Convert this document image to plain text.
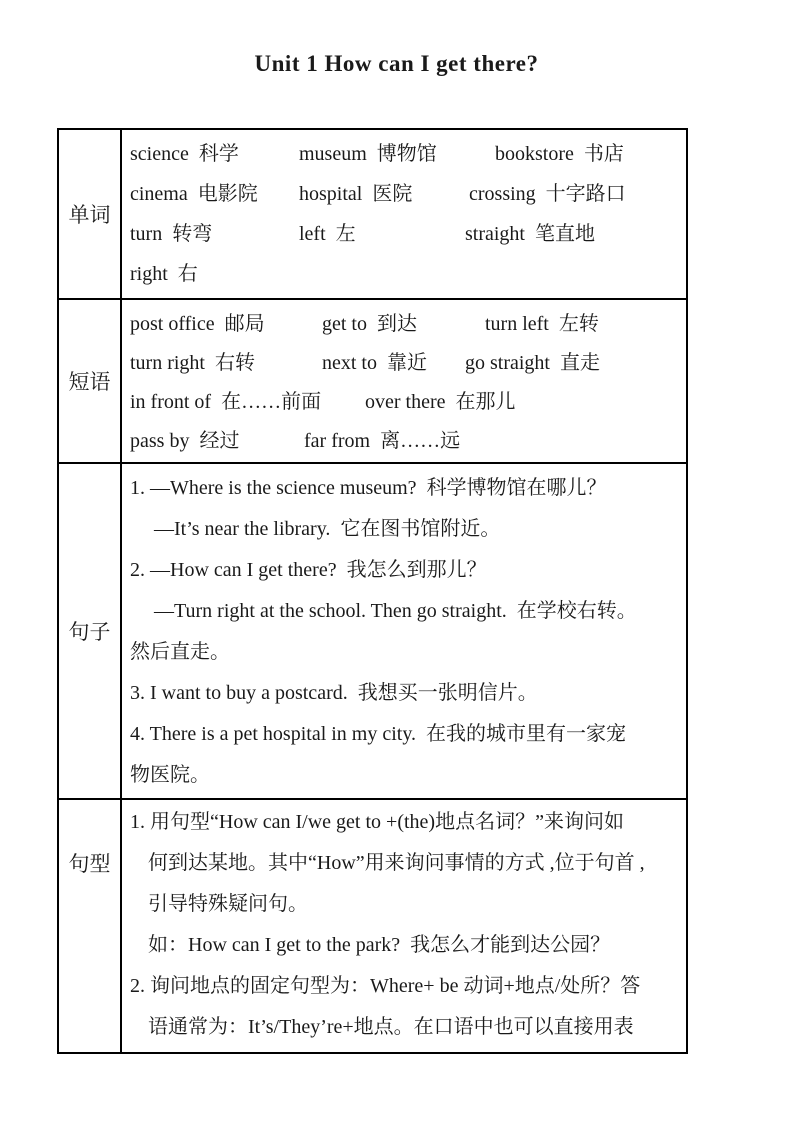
Unit 1 How can I get there?
单词
science  科学	museum  博物馆	bookstore  书店
cinema  电影院 hospital  医院	crossing  十字路口
turn  转弯	left  左	straight  笔直地
right  右
短语
post office  邮局	get to  到达	turn left  左转
turn right  右转	next to  靠近 go straight  直走
in front of  在……前面 over there  在那儿
pass by  经过	far from  离……远
句子
1. —Where is the science museum?  科学博物馆在哪儿？
—It’s near the library.  它在图书馆附近。
2. —How can I get there?  我怎么到那儿？
—Turn right at the school. Then go straight.  在学校右转。
然后直走。
3. I want to buy a postcard.  我想买一张明信片。
4. There is a pet hospital in my city.  在我的城市里有一家宠
物医院。
句型
1. 用句型“How can I/we get to +(the)地点名词？”来询问如
何到达某地。其中“How”用来询问事情的方式 ,位于句首 ,
引导特殊疑问句。
如：How can I get to the park?  我怎么才能到达公园？
2. 询问地点的固定句型为：Where+ be 动词+地点/处所？答
语通常为：It’s/They’re+地点。在口语中也可以直接用表
